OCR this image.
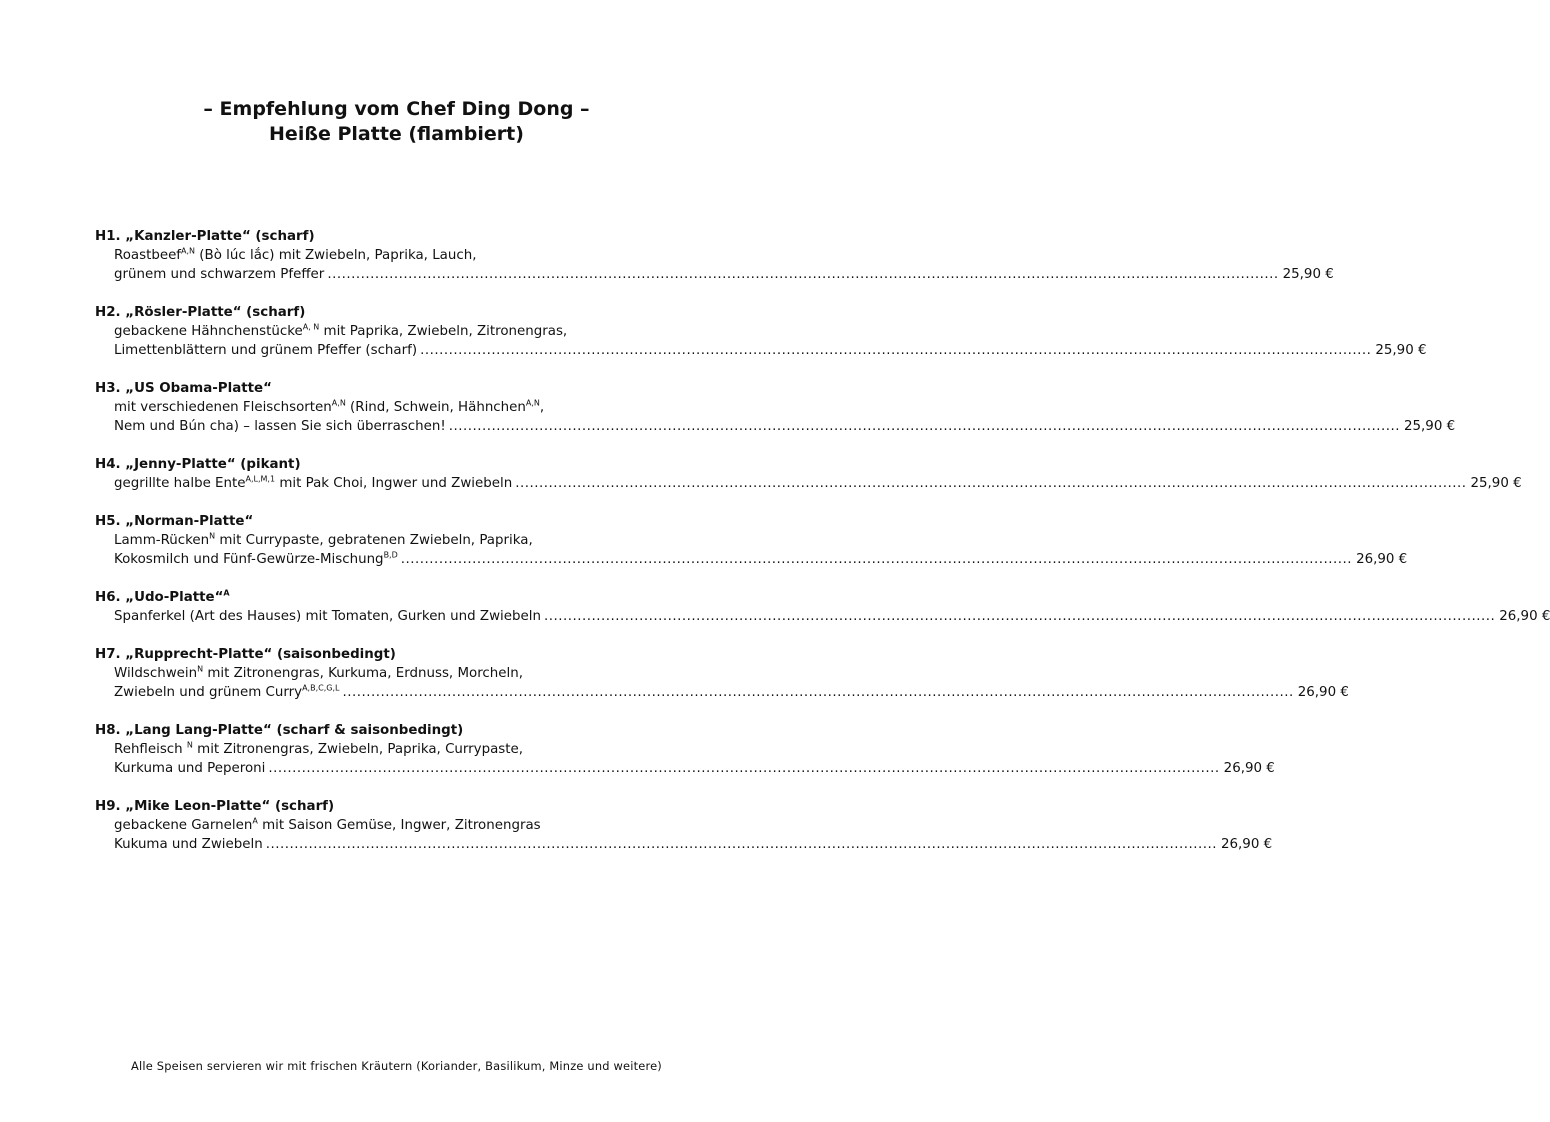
– Empfehlung vom Chef Ding Dong –
Heiße Platte (flambiert)
H1. „Kanzler-Platte“ (scharf)
Roastbeef$^{A,N}$ (Bò lúc lắc) mit Zwiebeln, Paprika, Lauch,
grünem und schwarzem Pfeffer ........................................................................................................................................................................................................ 25,90 €
H2. „Rösler-Platte“ (scharf)
gebackene Hähnchenstücke$^{A, N}$ mit Paprika, Zwiebeln, Zitronengras,
Limettenblättern und grünem Pfeffer (scharf) ........................................................................................................................................................................................................ 25,90 €
H3. „US Obama-Platte“
mit verschiedenen Fleischsorten$^{A,N}$ (Rind, Schwein, Hähnchen$^{A,N}$,
Nem und Bún cha) – lassen Sie sich überraschen! ........................................................................................................................................................................................................ 25,90 €
H4. „Jenny-Platte“ (pikant)
gegrillte halbe Ente$^{A,L,M,1}$ mit Pak Choi, Ingwer und Zwiebeln ........................................................................................................................................................................................................ 25,90 €
H5. „Norman-Platte“
Lamm-Rücken$^N$ mit Currypaste, gebratenen Zwiebeln, Paprika,
Kokosmilch und Fünf-Gewürze-Mischung$^{B,D}$ ........................................................................................................................................................................................................ 26,90 €
H6. „Udo-Platte“$^A$
Spanferkel (Art des Hauses) mit Tomaten, Gurken und Zwiebeln ........................................................................................................................................................................................................ 26,90 €
H7. „Rupprecht-Platte“ (saisonbedingt)
Wildschwein$^N$ mit Zitronengras, Kurkuma, Erdnuss, Morcheln,
Zwiebeln und grünem Curry$^{A,B,C,G,L}$ ........................................................................................................................................................................................................ 26,90 €
H8. „Lang Lang-Platte“ (scharf & saisonbedingt)
Rehfleisch $^N$ mit Zitronengras, Zwiebeln, Paprika, Currypaste,
Kurkuma und Peperoni ........................................................................................................................................................................................................ 26,90 €
H9. „Mike Leon-Platte“ (scharf)
gebackene Garnelen$^A$ mit Saison Gemüse, Ingwer, Zitronengras
Kukuma und Zwiebeln ........................................................................................................................................................................................................ 26,90 €
Alle Speisen servieren wir mit frischen Kräutern (Koriander, Basilikum, Minze und weitere)
